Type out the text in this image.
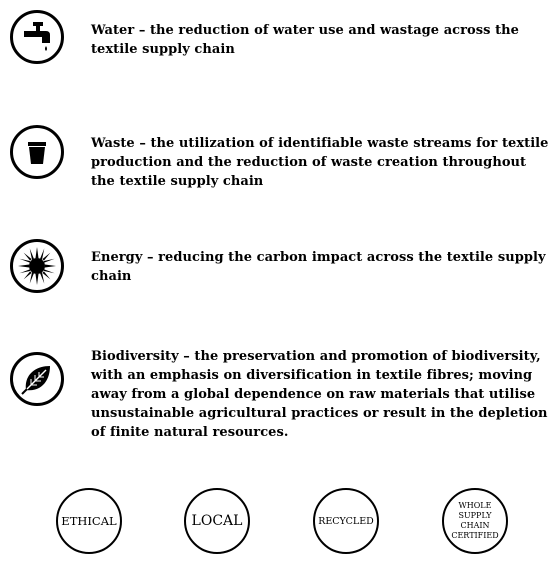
Water – the reduction of water use and wastage across the textile supply chain
Waste – the utilization of identifiable waste streams for textile production and the reduction of waste creation throughout the textile supply chain
Energy – reducing the carbon impact across the textile supply chain
Biodiversity – the preservation and promotion of biodiversity, with an emphasis on diversification in textile fibres; moving away from a global dependence on raw materials that utilise unsustainable agricultural practices or result in the depletion of finite natural resources.
ETHICAL	LOCAL	RECYCLED
WHOLE
SUPPLY
CHAIN
CERTIFIED
